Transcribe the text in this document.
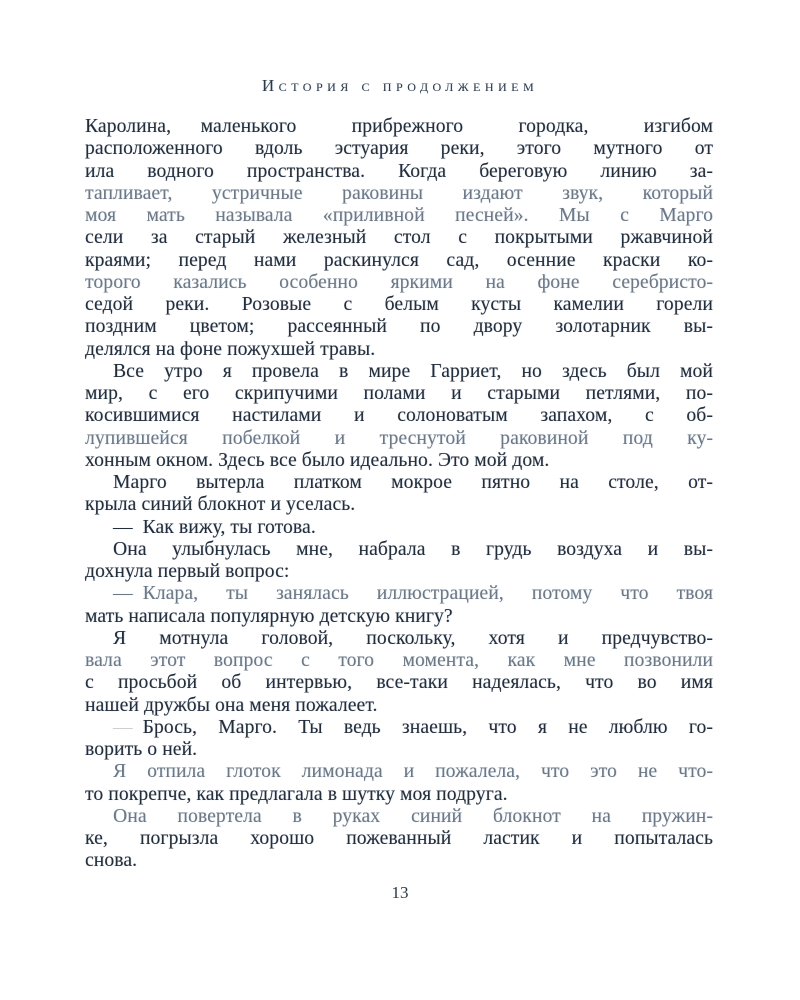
История с продолжением
Каролина,  маленького прибрежного городка, изгибом
расположенного вдоль эстуария реки, этого мутного от
ила водного пространства. Когда береговую линию за-
тапливает, устричные раковины издают звук, который
моя мать называла «приливной песней». Мы с Марго
сели за старый железный стол с покрытыми ржавчиной
краями; перед нами раскинулся сад, осенние краски ко-
торого казались особенно яркими на фоне серебристо-
седой реки. Розовые с белым кусты камелии горели
поздним цветом; рассеянный по двору золотарник вы-
делялся на фоне пожухшей травы.
Все утро я провела в мире Гарриет, но здесь был мой
мир, с его скрипучими полами и старыми петлями, по-
косившимися настилами и солоноватым запахом, с об-
лупившейся побелкой и треснутой раковиной под ку-
хонным окном. Здесь все было идеально. Это мой дом.
Марго вытерла платком мокрое пятно на столе, от-
крыла синий блокнот и уселась.
— Как вижу, ты готова.
Она улыбнулась мне, набрала в грудь воздуха и вы-
дохнула первый вопрос:
— Клара, ты занялась иллюстрацией, потому что твоя
мать написала популярную детскую книгу?
Я мотнула головой, поскольку, хотя и предчувство-
вала этот вопрос с того момента, как мне позвонили
с просьбой об интервью, все-таки надеялась, что во имя
нашей дружбы она меня пожалеет.
— Брось, Марго. Ты ведь знаешь, что я не люблю го-
ворить о ней.
Я отпила глоток лимонада и пожалела, что это не что-
то покрепче, как предлагала в шутку моя подруга.
Она повертела в руках синий блокнот на пружин-
ке, погрызла хорошо пожеванный ластик и попыталась
снова.
13
